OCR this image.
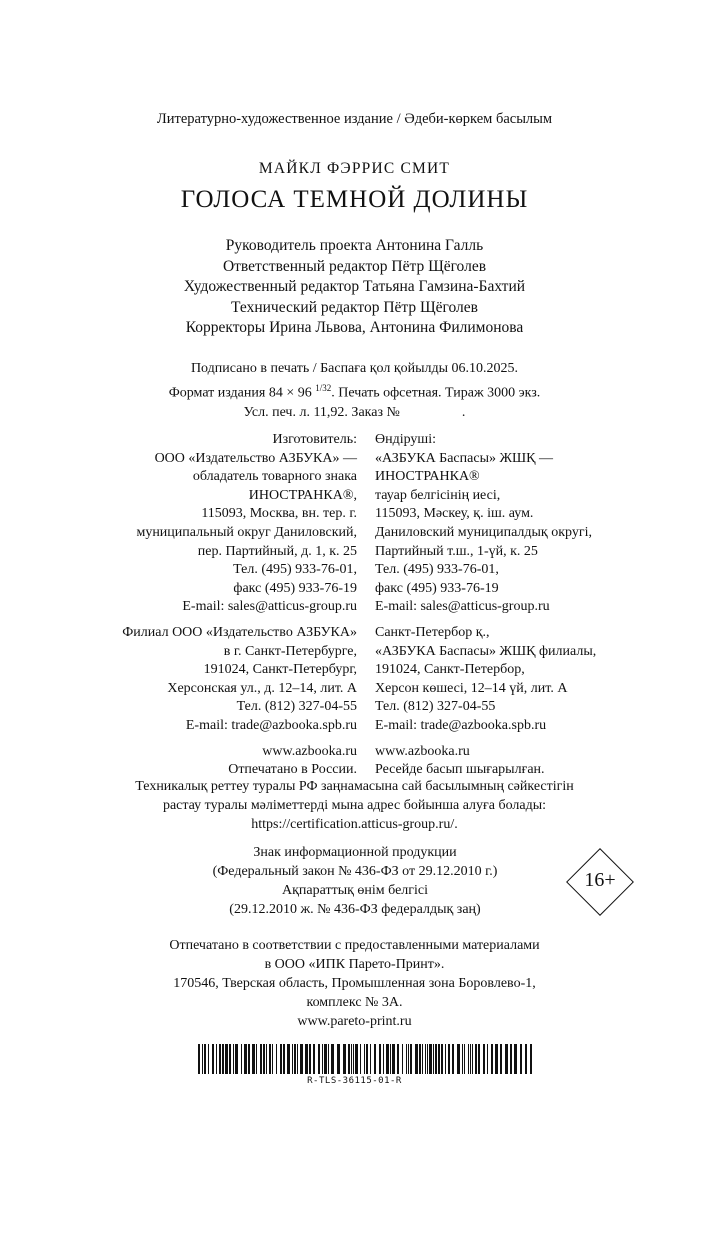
Литературно-художественное издание / Әдеби-көркем басылым
МАЙКЛ ФЭРРИС СМИТ
ГОЛОСА ТЕМНОЙ ДОЛИНЫ
Руководитель проекта Антонина Галль
Ответственный редактор Пётр Щёголев
Художественный редактор Татьяна Гамзина-Бахтий
Технический редактор Пётр Щёголев
Корректоры Ирина Львова, Антонина Филимонова
Подписано в печать / Баспаға қол қойылды 06.10.2025.
Формат издания 84 × 96 $^{1/32}$. Печать офсетная. Тираж 3000 экз.
Усл. печ. л. 11,92. Заказ №	.
Изготовитель:
ООО «Издательство АЗБУКА» —
обладатель товарного знака
ИНОСТРАНКА®,
115093, Москва, вн. тер. г.
муниципальный округ Даниловский,
пер. Партийный, д. 1, к. 25
Тел. (495) 933-76-01,
факс (495) 933-76-19
E-mail: sales@atticus-group.ru
Филиал ООО «Издательство АЗБУКА»
в г. Санкт-Петербурге,
191024, Санкт-Петербург,
Херсонская ул., д. 12–14, лит. А
Тел. (812) 327-04-55
E-mail: trade@azbooka.spb.ru
www.azbooka.ru
Отпечатано в России.
Өндіруші:
«АЗБУКА Баспасы» ЖШҚ —
ИНОСТРАНКА®
тауар белгісінің иесі,
115093, Мәскеу, қ. іш. аум.
Даниловский муниципалдық округі,
Партийный т.ш., 1-үй, к. 25
Тел. (495) 933-76-01,
факс (495) 933-76-19
E-mail: sales@atticus-group.ru
Санкт-Петербор қ.,
«АЗБУКА Баспасы» ЖШҚ филиалы,
191024, Санкт-Петербор,
Херсон көшесі, 12–14 үй, лит. А
Тел. (812) 327-04-55
E-mail: trade@azbooka.spb.ru
www.azbooka.ru
Ресейде басып шығарылған.
Техникалық реттеу туралы РФ заңнамасына сай басылымның сәйкестігін
растау туралы мәліметтерді мына адрес бойынша алуға болады:
https://certification.atticus-group.ru/.
Знак информационной продукции
(Федеральный закон № 436-ФЗ от 29.12.2010 г.)
Ақпараттық өнім белгісі
(29.12.2010 ж. № 436-ФЗ федералдық заң)
16+
Отпечатано в соответствии с предоставленными материалами
в ООО «ИПК Парето-Принт».
170546, Тверская область, Промышленная зона Боровлево-1,
комплекс № 3А.
www.pareto-print.ru
R-TLS-36115-01-R
